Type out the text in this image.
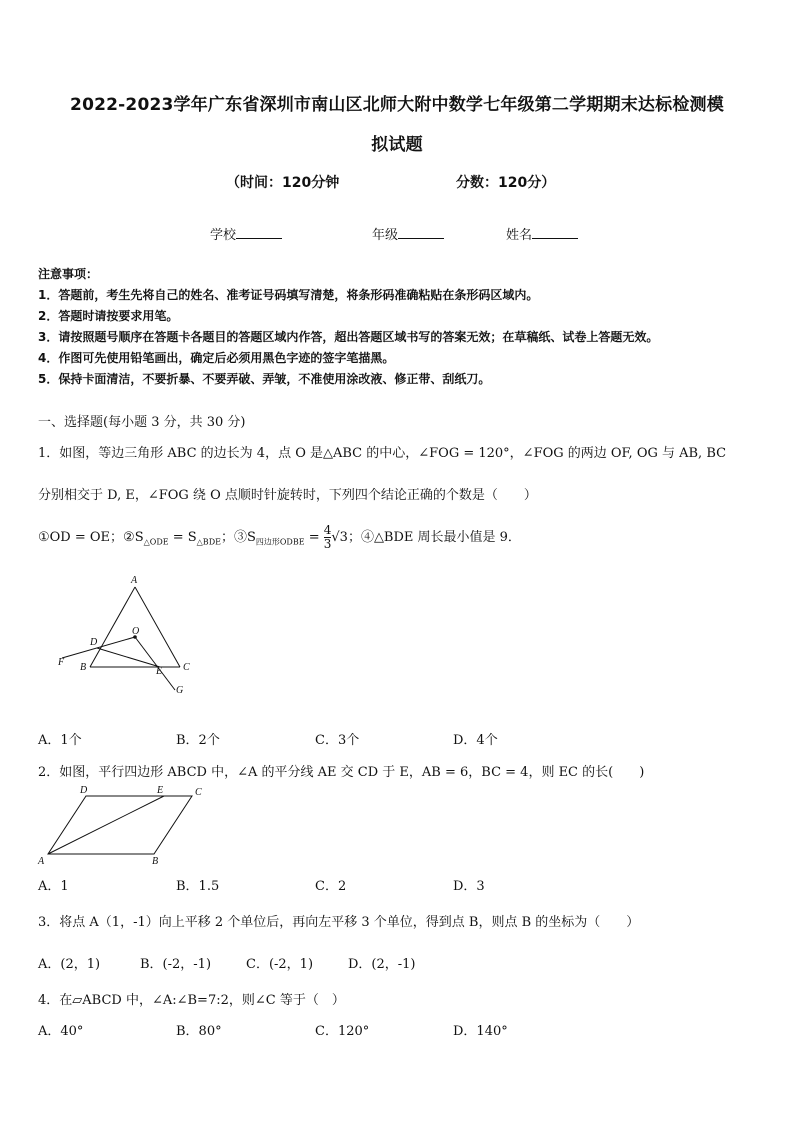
2022-2023学年广东省深圳市南山区北师大附中数学七年级第二学期期末达标检测模
拟试题
（时间：120分钟	分数：120分）
学校	年级	姓名
注意事项：
1．答题前，考生先将自己的姓名、准考证号码填写清楚，将条形码准确粘贴在条形码区域内。
2．答题时请按要求用笔。
3．请按照题号顺序在答题卡各题目的答题区域内作答，超出答题区域书写的答案无效；在草稿纸、试卷上答题无效。
4．作图可先使用铅笔画出，确定后必须用黑色字迹的签字笔描黑。
5．保持卡面清洁，不要折暴、不要弄破、弄皱，不准使用涂改液、修正带、刮纸刀。
一、选择题(每小题 3 分，共 30 分)
1．如图，等边三角形 ABC 的边长为 4，点 O 是△ABC 的中心，∠FOG = 120°，∠FOG 的两边 OF, OG 与 AB, BC
分别相交于 D, E，∠FOG 绕 O 点顺时针旋转时，下列四个结论正确的个数是（　　）
①OD = OE；$②S_{\triangle ODE} = S_{\triangle BDE}$；$③S_{四边形ODBE} = \frac{4}{3} √3$；④△BDE 周长最小值是 9．
A
B	C
D
E
F
G
O
A．1个	B．2个	C．3个	D．4个
2．如图，平行四边形 ABCD 中，∠A 的平分线 AE 交 CD 于 E，AB = 6，BC = 4，则 EC 的长(　　)
A	B
C
D	E
A．1	B．1.5	C．2	D．3
3．将点 A（1，-1）向上平移 2 个单位后，再向左平移 3 个单位，得到点 B，则点 B 的坐标为（　　）
A．(2，1)	B．(-2，-1)	C．(-2，1)	D．(2，-1)
4．在▱ABCD 中，∠A:∠B=7:2，则∠C 等于（　）
A．40°	B．80°	C．120°	D．140°
